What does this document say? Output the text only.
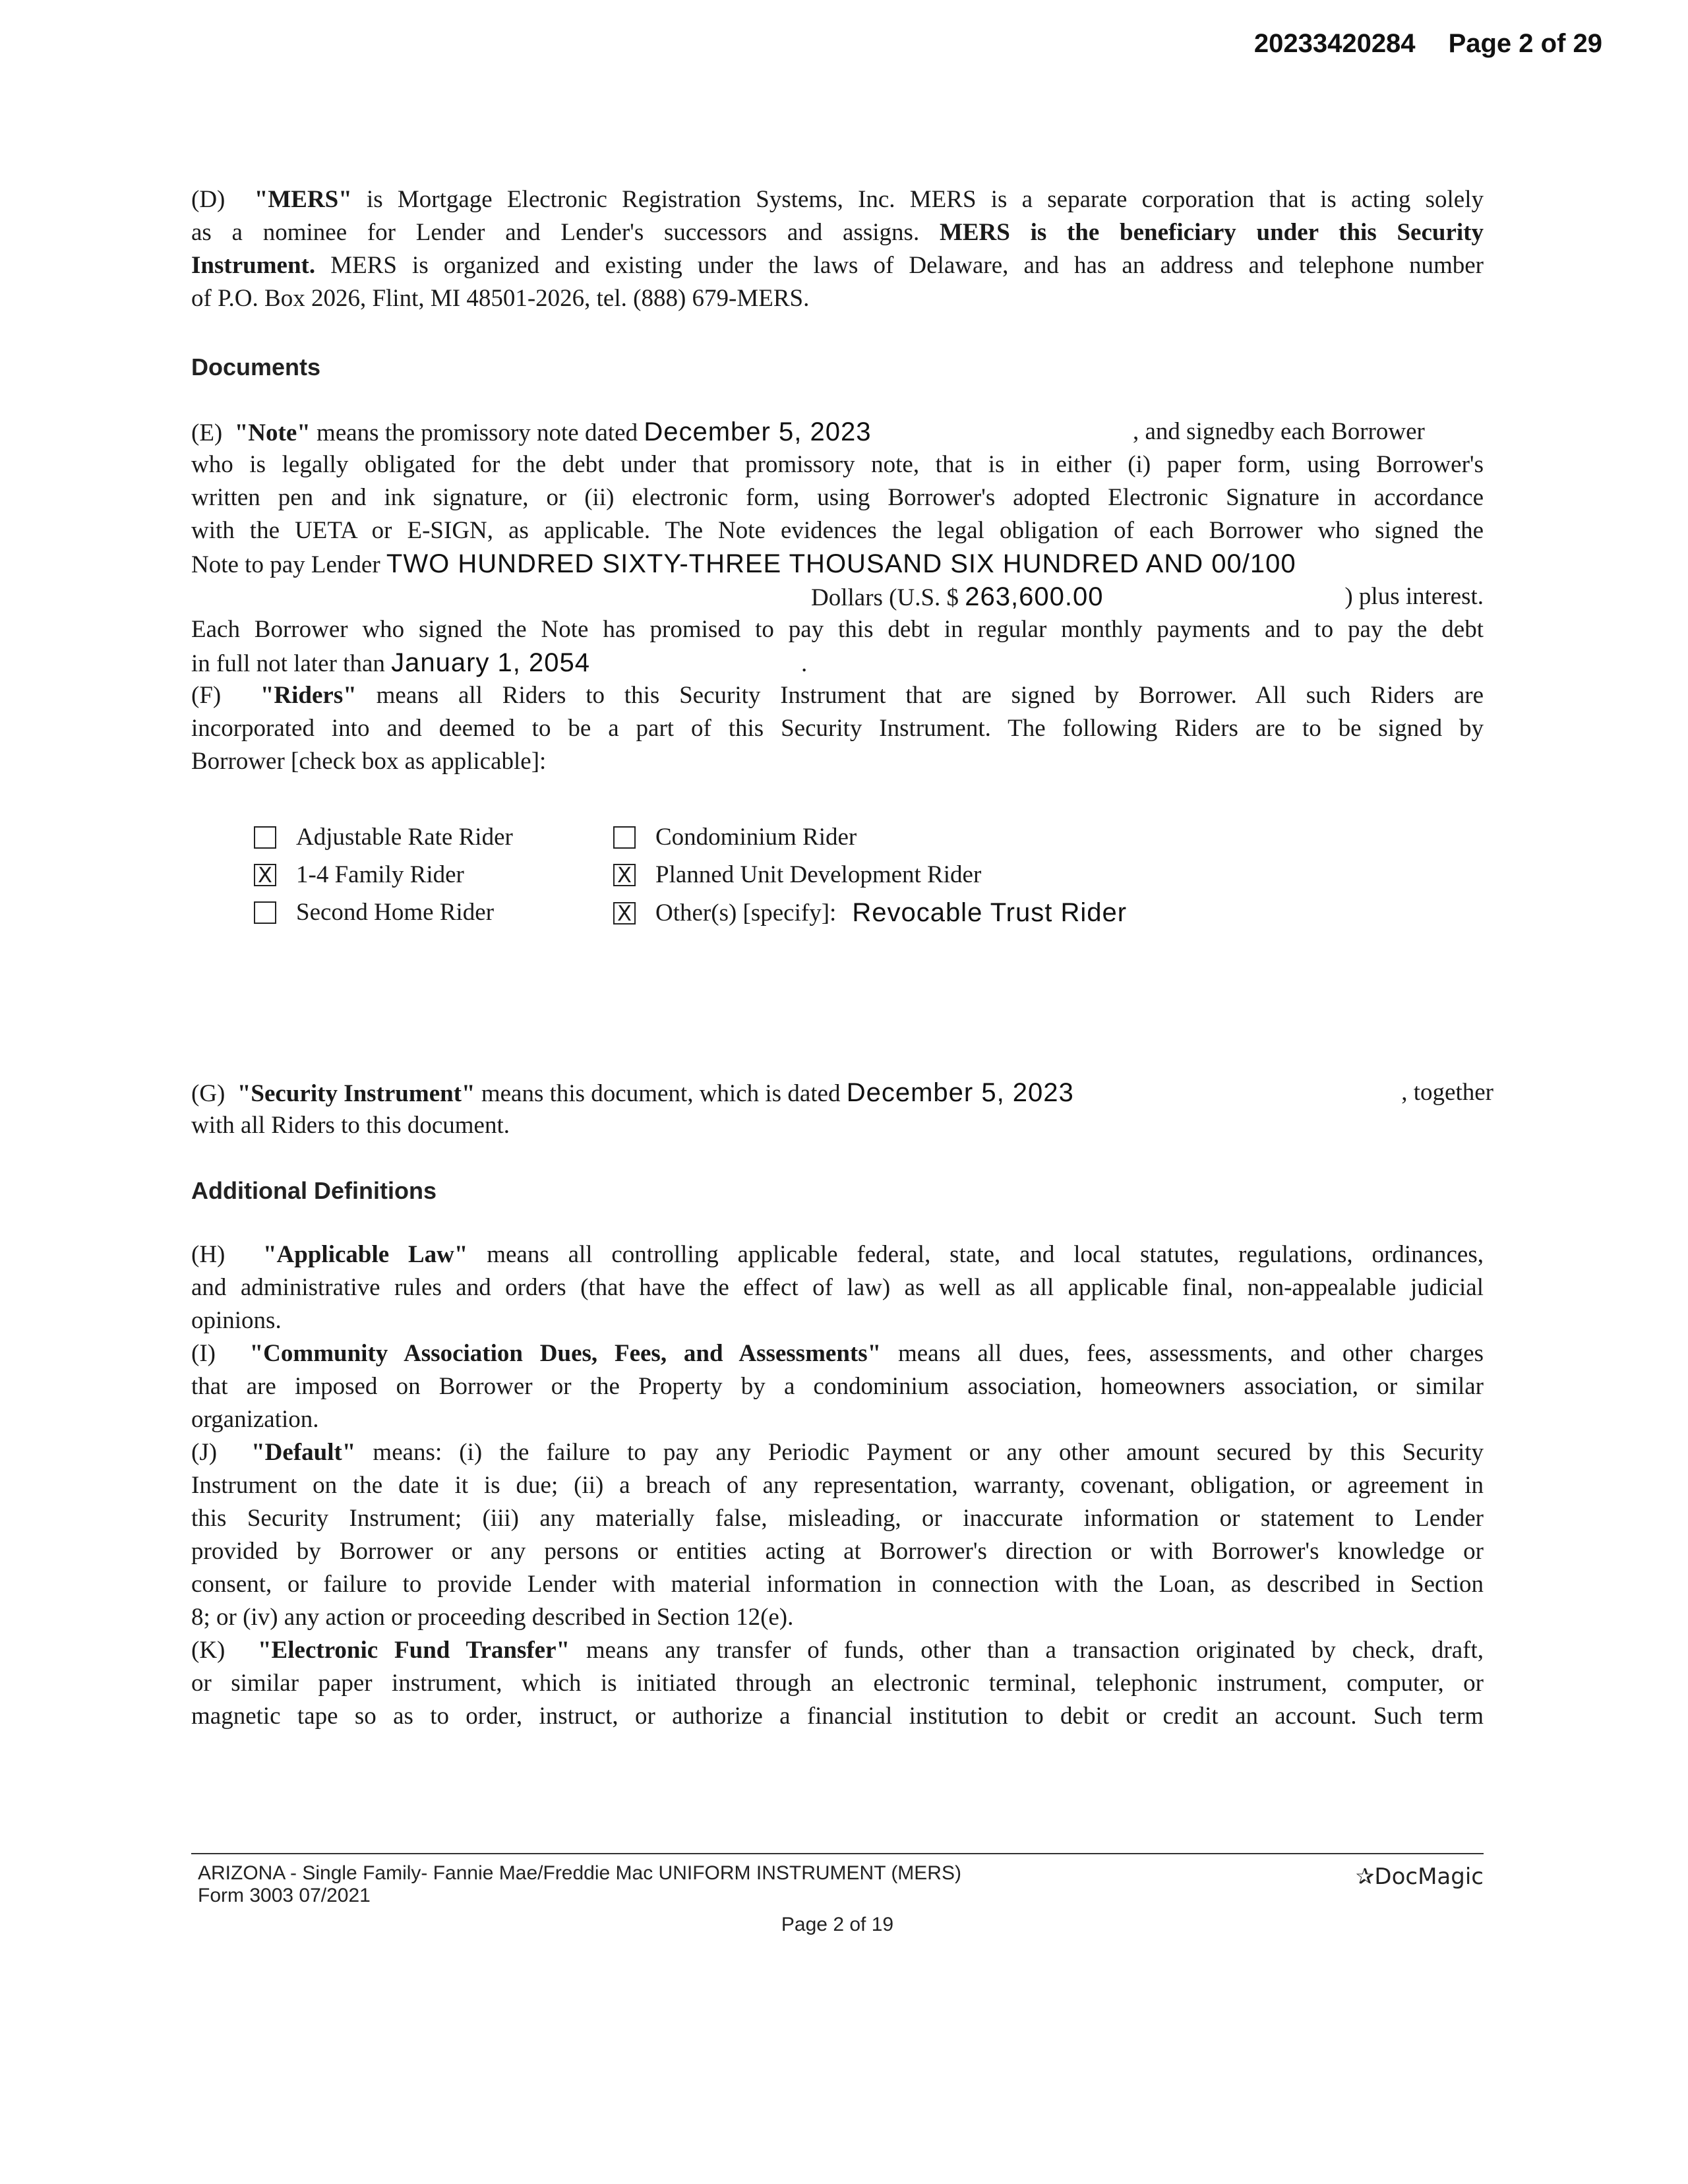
20233420284 Page 2 of 29
(D) "MERS" is Mortgage Electronic Registration Systems, Inc. MERS is a separate corporation that is acting solely
as a nominee for Lender and Lender's successors and assigns. MERS is the beneficiary under this Security
Instrument. MERS is organized and existing under the laws of Delaware, and has an address and telephone number
of P.O. Box 2026, Flint, MI 48501-2026, tel. (888) 679-MERS.
Documents
(E) "Note" means the promissory note dated December 5, 2023	, and signedby each Borrower
who is legally obligated for the debt under that promissory note, that is in either (i) paper form, using Borrower's
written pen and ink signature, or (ii) electronic form, using Borrower's adopted Electronic Signature in accordance
with the UETA or E-SIGN, as applicable. The Note evidences the legal obligation of each Borrower who signed the
Note to pay Lender TWO HUNDRED SIXTY-THREE THOUSAND SIX HUNDRED AND 00/100
Dollars (U.S. $ 263,600.00	) plus interest.
Each Borrower who signed the Note has promised to pay this debt in regular monthly payments and to pay the debt
in full not later than January 1, 2054	.
(F) "Riders" means all Riders to this Security Instrument that are signed by Borrower. All such Riders are
incorporated into and deemed to be a part of this Security Instrument. The following Riders are to be signed by
Borrower [check box as applicable]:
Adjustable Rate Rider	Condominium Rider
X 1-4 Family Rider	X Planned Unit Development Rider
Second Home Rider	X Other(s) [specify]: Revocable Trust Rider
(G) "Security Instrument" means this document, which is dated December 5, 2023	, together
with all Riders to this document.
Additional Definitions
(H) "Applicable Law" means all controlling applicable federal, state, and local statutes, regulations, ordinances,
and administrative rules and orders (that have the effect of law) as well as all applicable final, non-appealable judicial
opinions.
(I) "Community Association Dues, Fees, and Assessments" means all dues, fees, assessments, and other charges
that are imposed on Borrower or the Property by a condominium association, homeowners association, or similar
organization.
(J) "Default" means: (i) the failure to pay any Periodic Payment or any other amount secured by this Security
Instrument on the date it is due; (ii) a breach of any representation, warranty, covenant, obligation, or agreement in
this Security Instrument; (iii) any materially false, misleading, or inaccurate information or statement to Lender
provided by Borrower or any persons or entities acting at Borrower's direction or with Borrower's knowledge or
consent, or failure to provide Lender with material information in connection with the Loan, as described in Section
8; or (iv) any action or proceeding described in Section 12(e).
(K) "Electronic Fund Transfer" means any transfer of funds, other than a transaction originated by check, draft,
or similar paper instrument, which is initiated through an electronic terminal, telephonic instrument, computer, or
magnetic tape so as to order, instruct, or authorize a financial institution to debit or credit an account. Such term
ARIZONA - Single Family- Fannie Mae/Freddie Mac UNIFORM INSTRUMENT (MERS)
Form 3003 07/2021
✰DocMagic
Page 2 of 19
